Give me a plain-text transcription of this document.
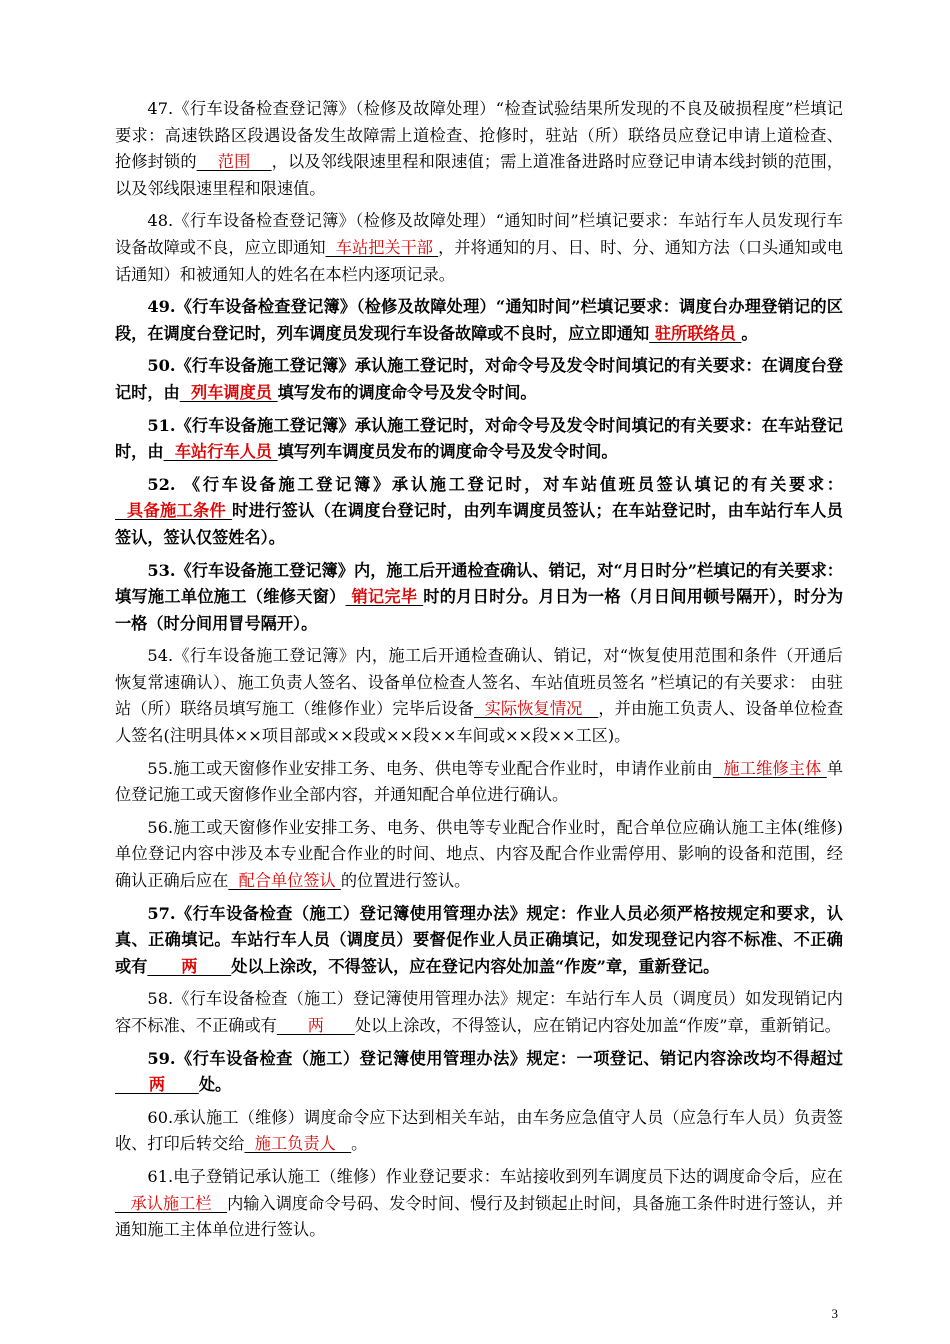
47.《行车设备检查登记簿》（检修及故障处理）“检查试验结果所发现的不良及破损程度”栏填记要求：高速铁路区段遇设备发生故障需上道检查、抢修时，驻站（所）联络员应登记申请上道检查、抢修封锁的    范围    ，以及邻线限速里程和限速值；需上道准备进路时应登记申请本线封锁的范围，以及邻线限速里程和限速值。

48.《行车设备检查登记簿》（检修及故障处理）“通知时间”栏填记要求：车站行车人员发现行车设备故障或不良，应立即通知  车站把关干部 ，并将通知的月、日、时、分、通知方法（口头通知或电话通知）和被通知人的姓名在本栏内逐项记录。

49.《行车设备检查登记簿》（检修及故障处理）“通知时间”栏填记要求：调度台办理登销记的区段，在调度台登记时，列车调度员发现行车设备故障或不良时，应立即通知 驻所联络员 。

50.《行车设备施工登记簿》承认施工登记时，对命令号及发令时间填记的有关要求：在调度台登记时，由  列车调度员 填写发布的调度命令号及发令时间。

51.《行车设备施工登记簿》承认施工登记时，对命令号及发令时间填记的有关要求：在车站登记时，由  车站行车人员 填写列车调度员发布的调度命令号及发令时间。

52. 《行车设备施工登记簿》承认施工登记时，对车站值班员签认填记的有关要求：  具备施工条件 时进行签认（在调度台登记时，由列车调度员签认；在车站登记时，由车站行车人员签认，签认仅签姓名）。

53.《行车设备施工登记簿》内，施工后开通检查确认、销记，对“月日时分”栏填记的有关要求：填写施工单位施工（维修天窗） 销记完毕 时的月日时分。月日为一格（月日间用顿号隔开），时分为一格（时分间用冒号隔开）。

54.《行车设备施工登记簿》内，施工后开通检查确认、销记，对“恢复使用范围和条件（开通后恢复常速确认）、施工负责人签名、设备单位检查人签名、车站值班员签名 ”栏填记的有关要求： 由驻站（所）联络员填写施工（维修作业）完毕后设备  实际恢复情况   ，并由施工负责人、设备单位检查人签名(注明具体××项目部或××段或××段××车间或××段××工区)。

55.施工或天窗修作业安排工务、电务、供电等专业配合作业时，申请作业前由  施工维修主体 单位登记施工或天窗修作业全部内容，并通知配合单位进行确认。

56.施工或天窗修作业安排工务、电务、供电等专业配合作业时，配合单位应确认施工主体(维修)单位登记内容中涉及本专业配合作业的时间、地点、内容及配合作业需停用、影响的设备和范围，经确认正确后应在  配合单位签认 的位置进行签认。

57.《行车设备检查（施工）登记簿使用管理办法》规定：作业人员必须严格按规定和要求，认真、正确填记。车站行车人员（调度员）要督促作业人员正确填记，如发现登记内容不标准、不正确或有      两      处以上涂改，不得签认，应在登记内容处加盖“作废”章，重新登记。

58.《行车设备检查（施工）登记簿使用管理办法》规定：车站行车人员（调度员）如发现销记内容不标准、不正确或有      两      处以上涂改，不得签认，应在销记内容处加盖“作废”章，重新销记。

59.《行车设备检查（施工）登记簿使用管理办法》规定：一项登记、销记内容涂改均不得超过      两      处。

60.承认施工（维修）调度命令应下达到相关车站，由车务应急值守人员（应急行车人员）负责签收、打印后转交给  施工负责人   。

61.电子登销记承认施工（维修）作业登记要求：车站接收到列车调度员下达的调度命令后，应在   承认施工栏   内输入调度命令号码、发令时间、慢行及封锁起止时间，具备施工条件时进行签认，并通知施工主体单位进行签认。

3
